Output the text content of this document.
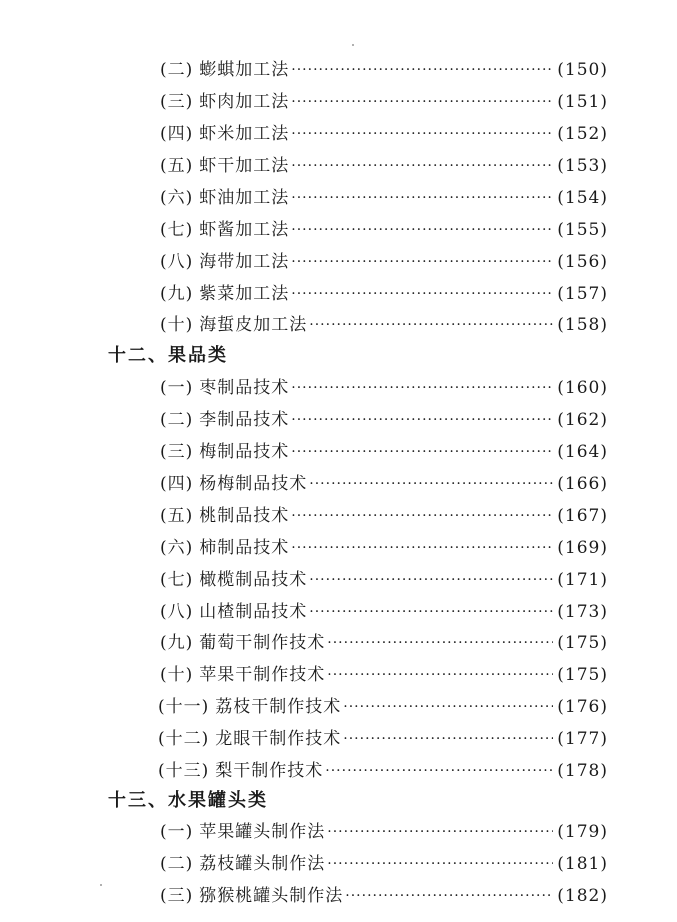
(二) 蟛蜞加工法 ·····	(150)
(三) 虾肉加工法 ·····	(151)
(四) 虾米加工法 ·····	(152)
(五) 虾干加工法 ·····	(153)
(六) 虾油加工法 ·····	(154)
(七) 虾酱加工法 ·····	(155)
(八) 海带加工法 ·····	(156)
(九) 紫菜加工法 ·····	(157)
(十) 海蜇皮加工法 ·····	(158)
十二、果品类
(一) 枣制品技术 ·····	(160)
(二) 李制品技术 ·····	(162)
(三) 梅制品技术 ·····	(164)
(四) 杨梅制品技术 ·····	(166)
(五) 桃制品技术 ·····	(167)
(六) 柿制品技术 ·····	(169)
(七) 橄榄制品技术 ·····	(171)
(八) 山楂制品技术 ·····	(173)
(九) 葡萄干制作技术 ·····	(175)
(十) 苹果干制作技术 ·····	(175)
(十一) 荔枝干制作技术 ·····	(176)
(十二) 龙眼干制作技术 ·····	(177)
(十三) 梨干制作技术 ·····	(178)
十三、水果罐头类
(一) 苹果罐头制作法 ·····	(179)
(二) 荔枝罐头制作法 ·····	(181)
(三) 猕猴桃罐头制作法 ·····	(182)
